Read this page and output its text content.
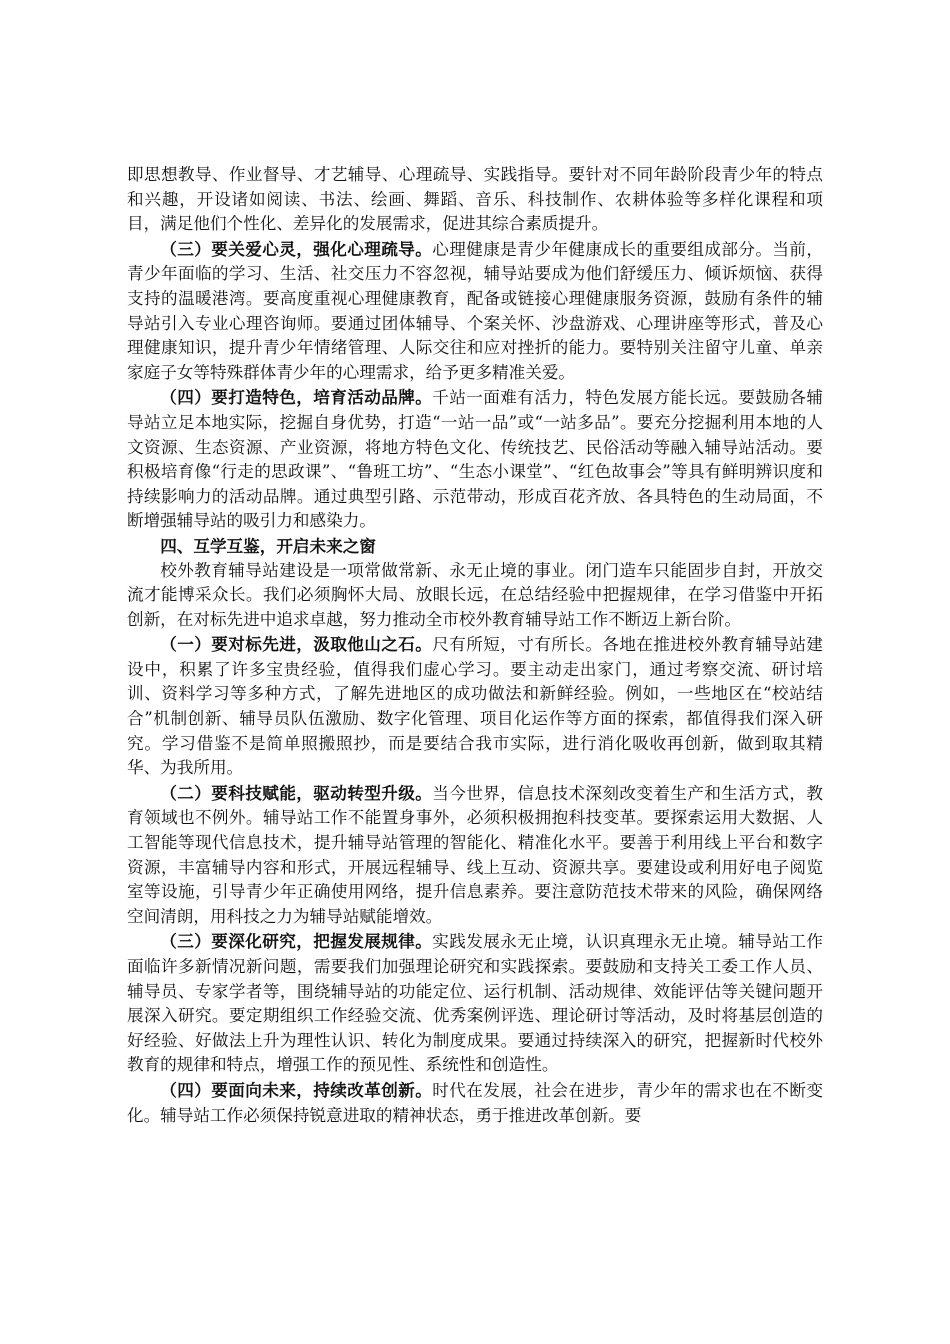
即思想教导、作业督导、才艺辅导、心理疏导、实践指导。要针对不同年龄阶段青少年的特点和兴趣，开设诸如阅读、书法、绘画、舞蹈、音乐、科技制作、农耕体验等多样化课程和项目，满足他们个性化、差异化的发展需求，促进其综合素质提升。

（三）要关爱心灵，强化心理疏导。心理健康是青少年健康成长的重要组成部分。当前，青少年面临的学习、生活、社交压力不容忽视，辅导站要成为他们舒缓压力、倾诉烦恼、获得支持的温暖港湾。要高度重视心理健康教育，配备或链接心理健康服务资源，鼓励有条件的辅导站引入专业心理咨询师。要通过团体辅导、个案关怀、沙盘游戏、心理讲座等形式，普及心理健康知识，提升青少年情绪管理、人际交往和应对挫折的能力。要特别关注留守儿童、单亲家庭子女等特殊群体青少年的心理需求，给予更多精准关爱。

（四）要打造特色，培育活动品牌。千站一面难有活力，特色发展方能长远。要鼓励各辅导站立足本地实际，挖掘自身优势，打造“一站一品”或“一站多品”。要充分挖掘利用本地的人文资源、生态资源、产业资源，将地方特色文化、传统技艺、民俗活动等融入辅导站活动。要积极培育像“行走的思政课”、“鲁班工坊”、“生态小课堂”、“红色故事会”等具有鲜明辨识度和持续影响力的活动品牌。通过典型引路、示范带动，形成百花齐放、各具特色的生动局面，不断增强辅导站的吸引力和感染力。

四、互学互鉴，开启未来之窗

校外教育辅导站建设是一项常做常新、永无止境的事业。闭门造车只能固步自封，开放交流才能博采众长。我们必须胸怀大局、放眼长远，在总结经验中把握规律，在学习借鉴中开拓创新，在对标先进中追求卓越，努力推动全市校外教育辅导站工作不断迈上新台阶。

（一）要对标先进，汲取他山之石。尺有所短，寸有所长。各地在推进校外教育辅导站建设中，积累了许多宝贵经验，值得我们虚心学习。要主动走出家门，通过考察交流、研讨培训、资料学习等多种方式，了解先进地区的成功做法和新鲜经验。例如，一些地区在“校站结合”机制创新、辅导员队伍激励、数字化管理、项目化运作等方面的探索，都值得我们深入研究。学习借鉴不是简单照搬照抄，而是要结合我市实际，进行消化吸收再创新，做到取其精华、为我所用。

（二）要科技赋能，驱动转型升级。当今世界，信息技术深刻改变着生产和生活方式，教育领域也不例外。辅导站工作不能置身事外，必须积极拥抱科技变革。要探索运用大数据、人工智能等现代信息技术，提升辅导站管理的智能化、精准化水平。要善于利用线上平台和数字资源，丰富辅导内容和形式，开展远程辅导、线上互动、资源共享。要建设或利用好电子阅览室等设施，引导青少年正确使用网络，提升信息素养。要注意防范技术带来的风险，确保网络空间清朗，用科技之力为辅导站赋能增效。

（三）要深化研究，把握发展规律。实践发展永无止境，认识真理永无止境。辅导站工作面临许多新情况新问题，需要我们加强理论研究和实践探索。要鼓励和支持关工委工作人员、辅导员、专家学者等，围绕辅导站的功能定位、运行机制、活动规律、效能评估等关键问题开展深入研究。要定期组织工作经验交流、优秀案例评选、理论研讨等活动，及时将基层创造的好经验、好做法上升为理性认识、转化为制度成果。要通过持续深入的研究，把握新时代校外教育的规律和特点，增强工作的预见性、系统性和创造性。

（四）要面向未来，持续改革创新。时代在发展，社会在进步，青少年的需求也在不断变化。辅导站工作必须保持锐意进取的精神状态，勇于推进改革创新。要
